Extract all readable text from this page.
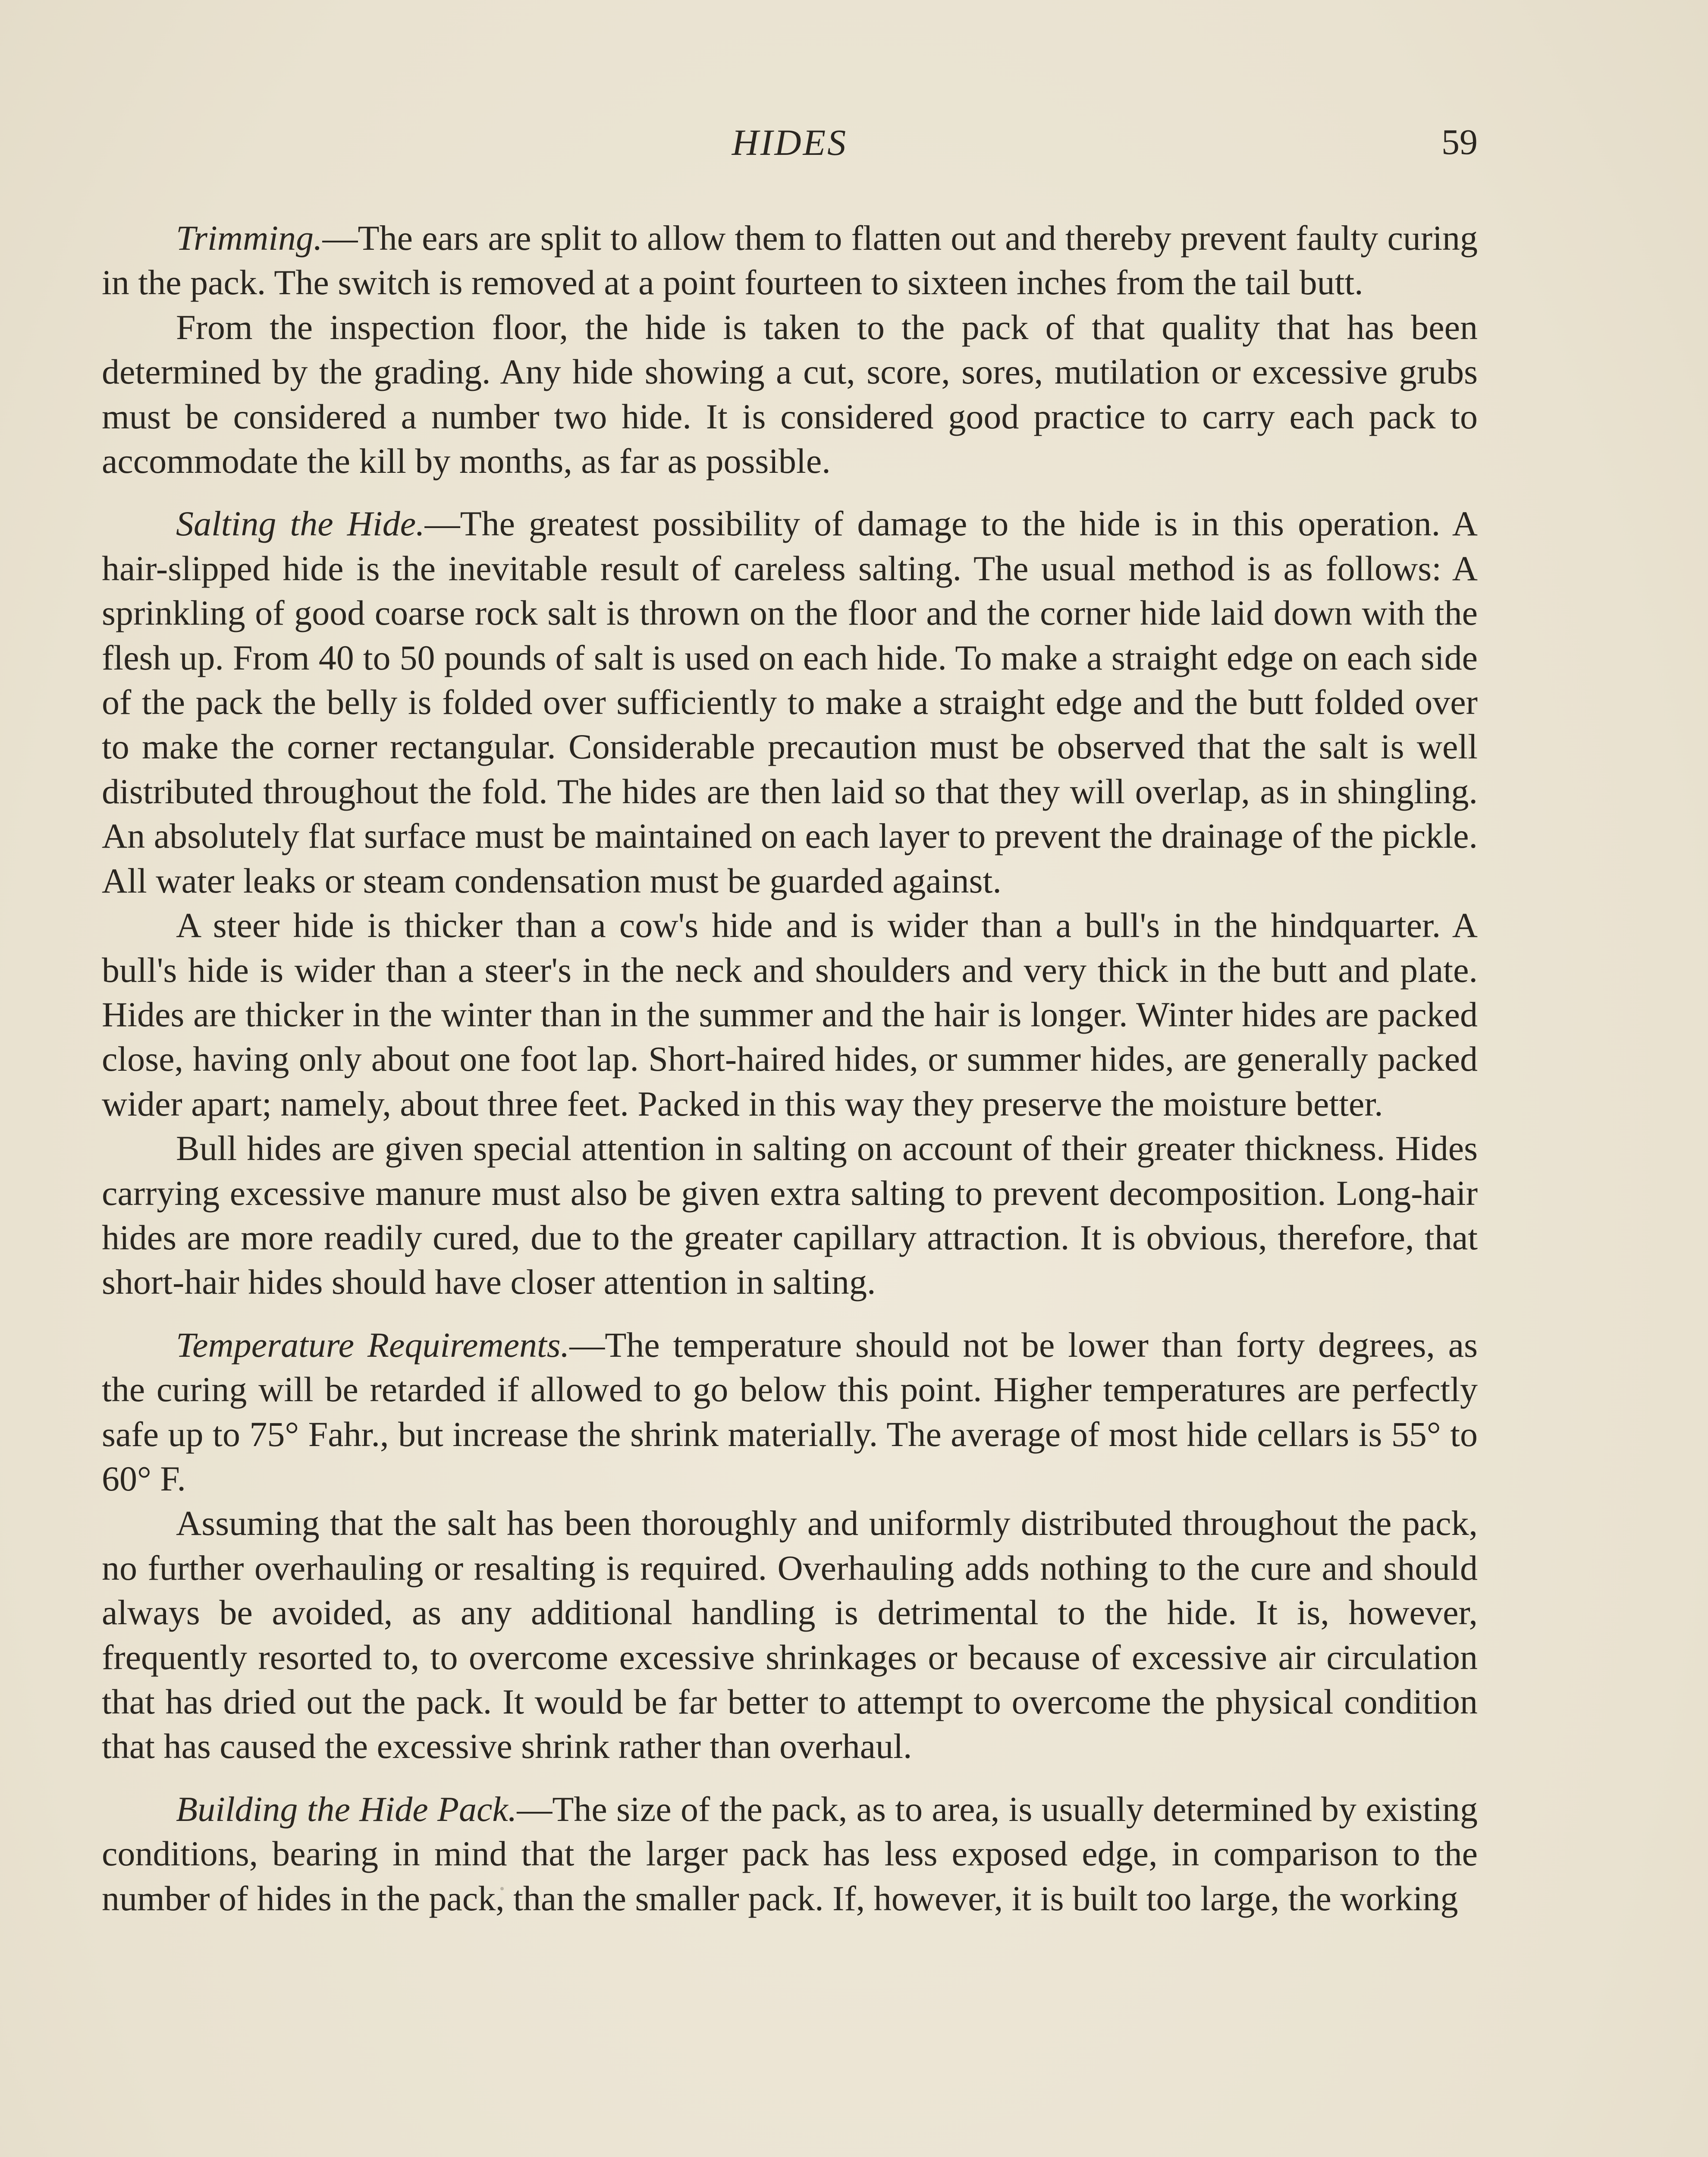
HIDES	59

Trimming.—The ears are split to allow them to flatten out and thereby prevent faulty curing in the pack. The switch is removed at a point fourteen to sixteen inches from the tail butt.

From the inspection floor, the hide is taken to the pack of that quality that has been determined by the grading. Any hide showing a cut, score, sores, mutilation or excessive grubs must be considered a number two hide. It is considered good practice to carry each pack to accommodate the kill by months, as far as possible.

Salting the Hide.—The greatest possibility of damage to the hide is in this operation. A hair-slipped hide is the inevitable result of careless salting. The usual method is as follows: A sprinkling of good coarse rock salt is thrown on the floor and the corner hide laid down with the flesh up. From 40 to 50 pounds of salt is used on each hide. To make a straight edge on each side of the pack the belly is folded over sufficiently to make a straight edge and the butt folded over to make the corner rectangular. Considerable precaution must be observed that the salt is well distributed throughout the fold. The hides are then laid so that they will overlap, as in shingling. An absolutely flat surface must be maintained on each layer to prevent the drainage of the pickle. All water leaks or steam condensation must be guarded against.

A steer hide is thicker than a cow's hide and is wider than a bull's in the hindquarter. A bull's hide is wider than a steer's in the neck and shoulders and very thick in the butt and plate. Hides are thicker in the winter than in the summer and the hair is longer. Winter hides are packed close, having only about one foot lap. Short-haired hides, or summer hides, are generally packed wider apart; namely, about three feet. Packed in this way they preserve the moisture better.

Bull hides are given special attention in salting on account of their greater thickness. Hides carrying excessive manure must also be given extra salting to prevent decomposition. Long-hair hides are more readily cured, due to the greater capillary attraction. It is obvious, therefore, that short-hair hides should have closer attention in salting.

Temperature Requirements.—The temperature should not be lower than forty degrees, as the curing will be retarded if allowed to go below this point. Higher temperatures are perfectly safe up to 75° Fahr., but increase the shrink materially. The average of most hide cellars is 55° to 60° F.

Assuming that the salt has been thoroughly and uniformly distributed throughout the pack, no further overhauling or resalting is required. Overhauling adds nothing to the cure and should always be avoided, as any additional handling is detrimental to the hide. It is, however, frequently resorted to, to overcome excessive shrinkages or because of excessive air circulation that has dried out the pack. It would be far better to attempt to overcome the physical condition that has caused the excessive shrink rather than overhaul.

Building the Hide Pack.—The size of the pack, as to area, is usually determined by existing conditions, bearing in mind that the larger pack has less exposed edge, in comparison to the number of hides in the pack, than the smaller pack. If, however, it is built too large, the working
